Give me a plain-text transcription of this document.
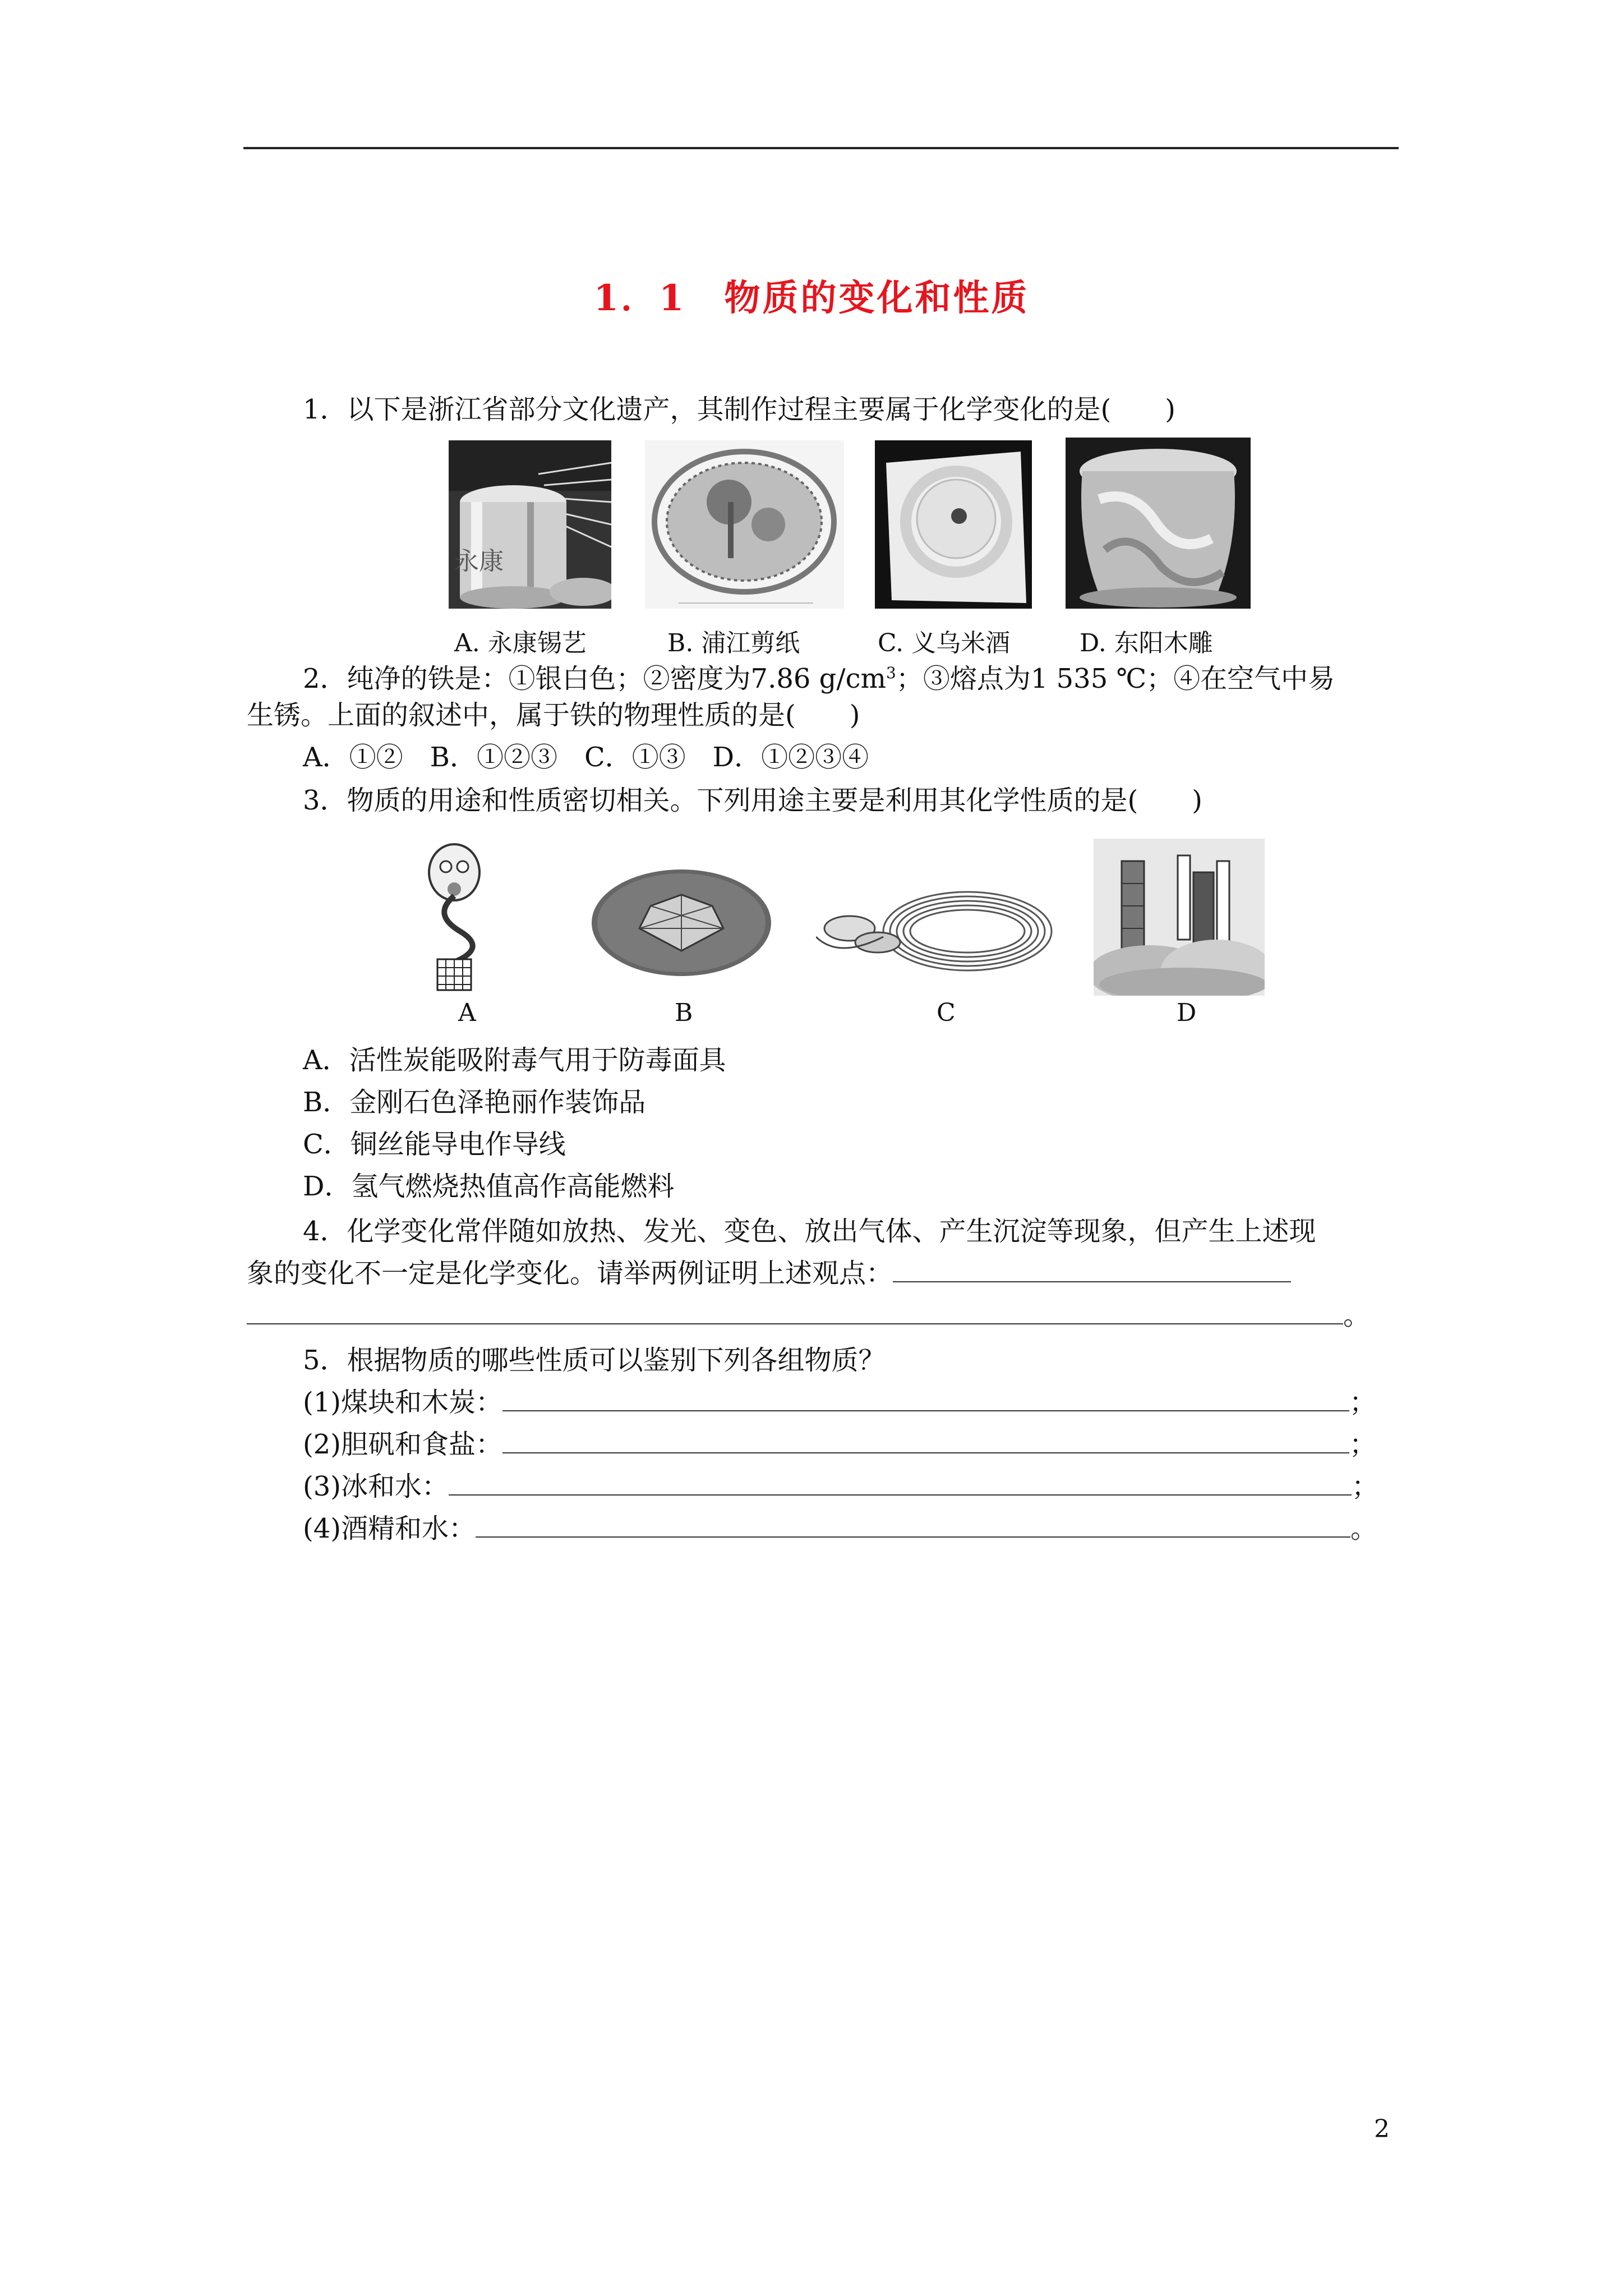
1．1　物质的变化和性质
1．以下是浙江省部分文化遗产，其制作过程主要属于化学变化的是(　　)
永康
A. 永康锡艺	B. 浦江剪纸	C. 义乌米酒	D. 东阳木雕
2．纯净的铁是：①银白色；②密度为7.86 $g/cm^3$；③熔点为1 535 ℃；④在空气中易
生锈。上面的叙述中，属于铁的物理性质的是(　　)
A．①②　B．①②③　C．①③　D．①②③④
3．物质的用途和性质密切相关。下列用途主要是利用其化学性质的是(　　)
A	B	C	D
A．活性炭能吸附毒气用于防毒面具
B．金刚石色泽艳丽作装饰品
C．铜丝能导电作导线
D．氢气燃烧热值高作高能燃料
4．化学变化常伴随如放热、发光、变色、放出气体、产生沉淀等现象，但产生上述现
象的变化不一定是化学变化。请举两例证明上述观点：
。
5．根据物质的哪些性质可以鉴别下列各组物质？
(1)煤块和木炭：	；
(2)胆矾和食盐：	；
(3)冰和水：	；
(4)酒精和水：	。
2
